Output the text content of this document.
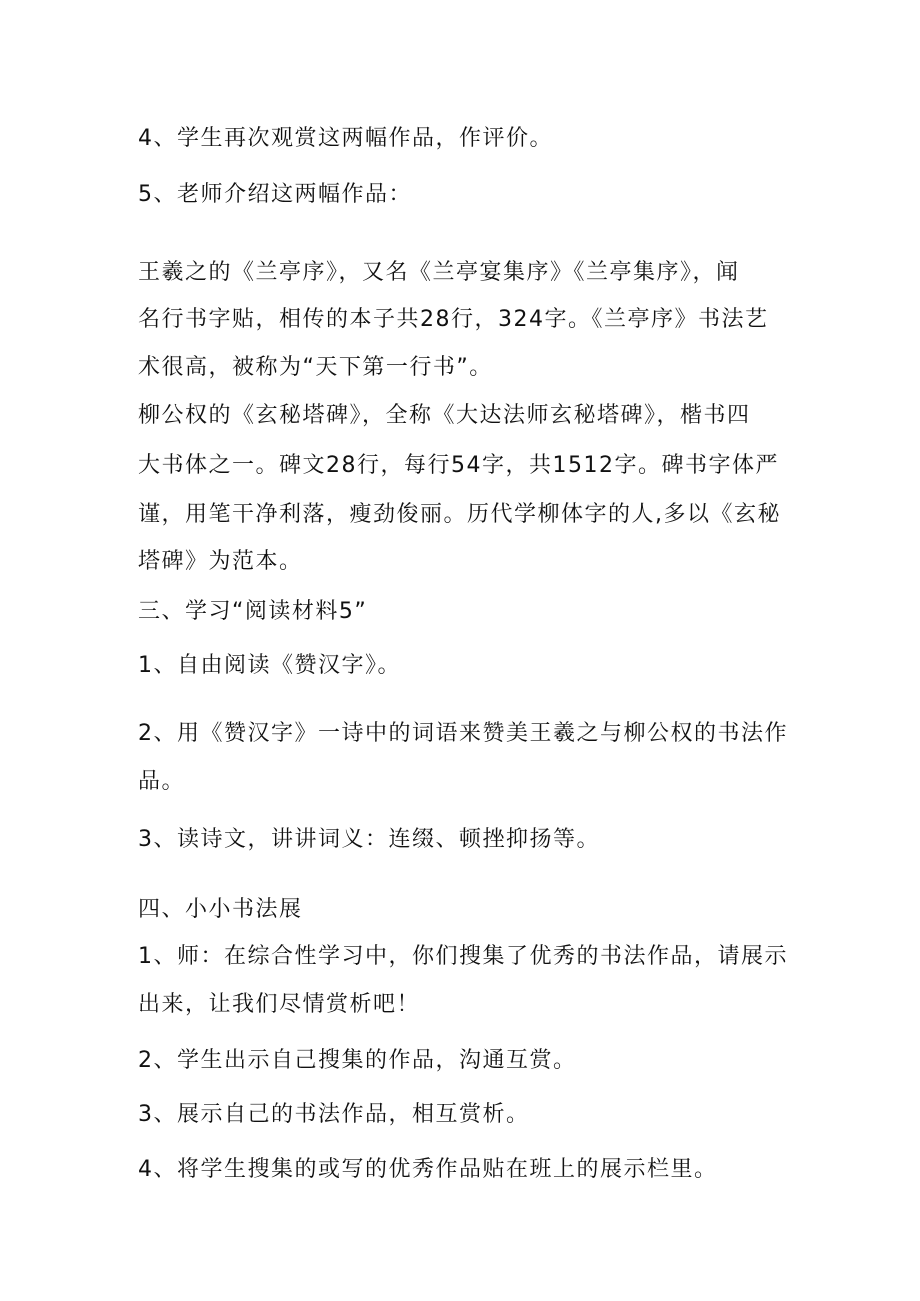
4、学生再次观赏这两幅作品，作评价。
5、老师介绍这两幅作品：
王羲之的《兰亭序》，又名《兰亭宴集序》《兰亭集序》，闻
名行书字贴，相传的本子共28行，324字。《兰亭序》书法艺
术很高，被称为“天下第一行书”。
柳公权的《玄秘塔碑》，全称《大达法师玄秘塔碑》，楷书四
大书体之一。碑文28行，每行54字，共1512字。碑书字体严
谨，用笔干净利落，瘦劲俊丽。历代学柳体字的人,多以《玄秘
塔碑》为范本。
三、学习“阅读材料5”
1、自由阅读《赞汉字》。
2、用《赞汉字》一诗中的词语来赞美王羲之与柳公权的书法作
品。
3、读诗文，讲讲词义：连缀、顿挫抑扬等。
四、小小书法展
1、师：在综合性学习中，你们搜集了优秀的书法作品，请展示
出来，让我们尽情赏析吧！
2、学生出示自己搜集的作品，沟通互赏。
3、展示自己的书法作品，相互赏析。
4、将学生搜集的或写的优秀作品贴在班上的展示栏里。
